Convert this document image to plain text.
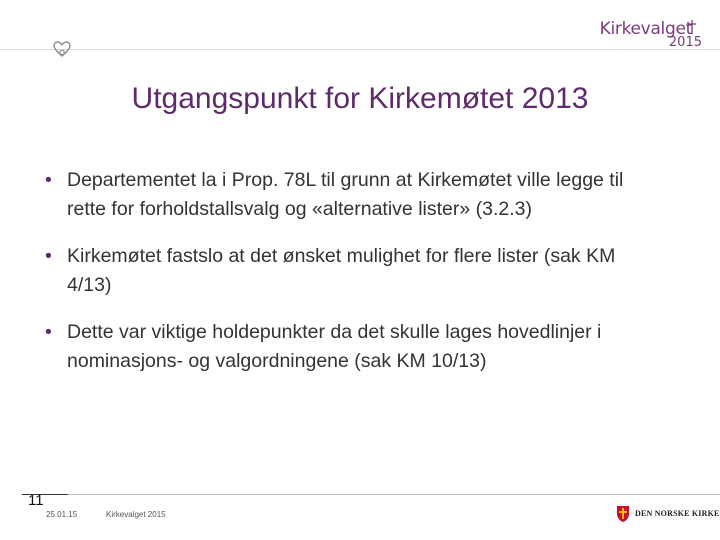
Kirkevalget
2015
Utgangspunkt for Kirkemøtet 2013
• Departementet la i Prop. 78L til grunn at Kirkemøtet ville legge til rette for forholdstallsvalg og «alternative lister» (3.2.3)
• Kirkemøtet fastslo at det ønsket mulighet for flere lister (sak KM 4/13)
• Dette var viktige holdepunkter da det skulle lages hovedlinjer i nominasjons- og valgordningene (sak KM 10/13)
11
25.01.15	Kirkevalget 2015	DEN NORSKE KIRKE
